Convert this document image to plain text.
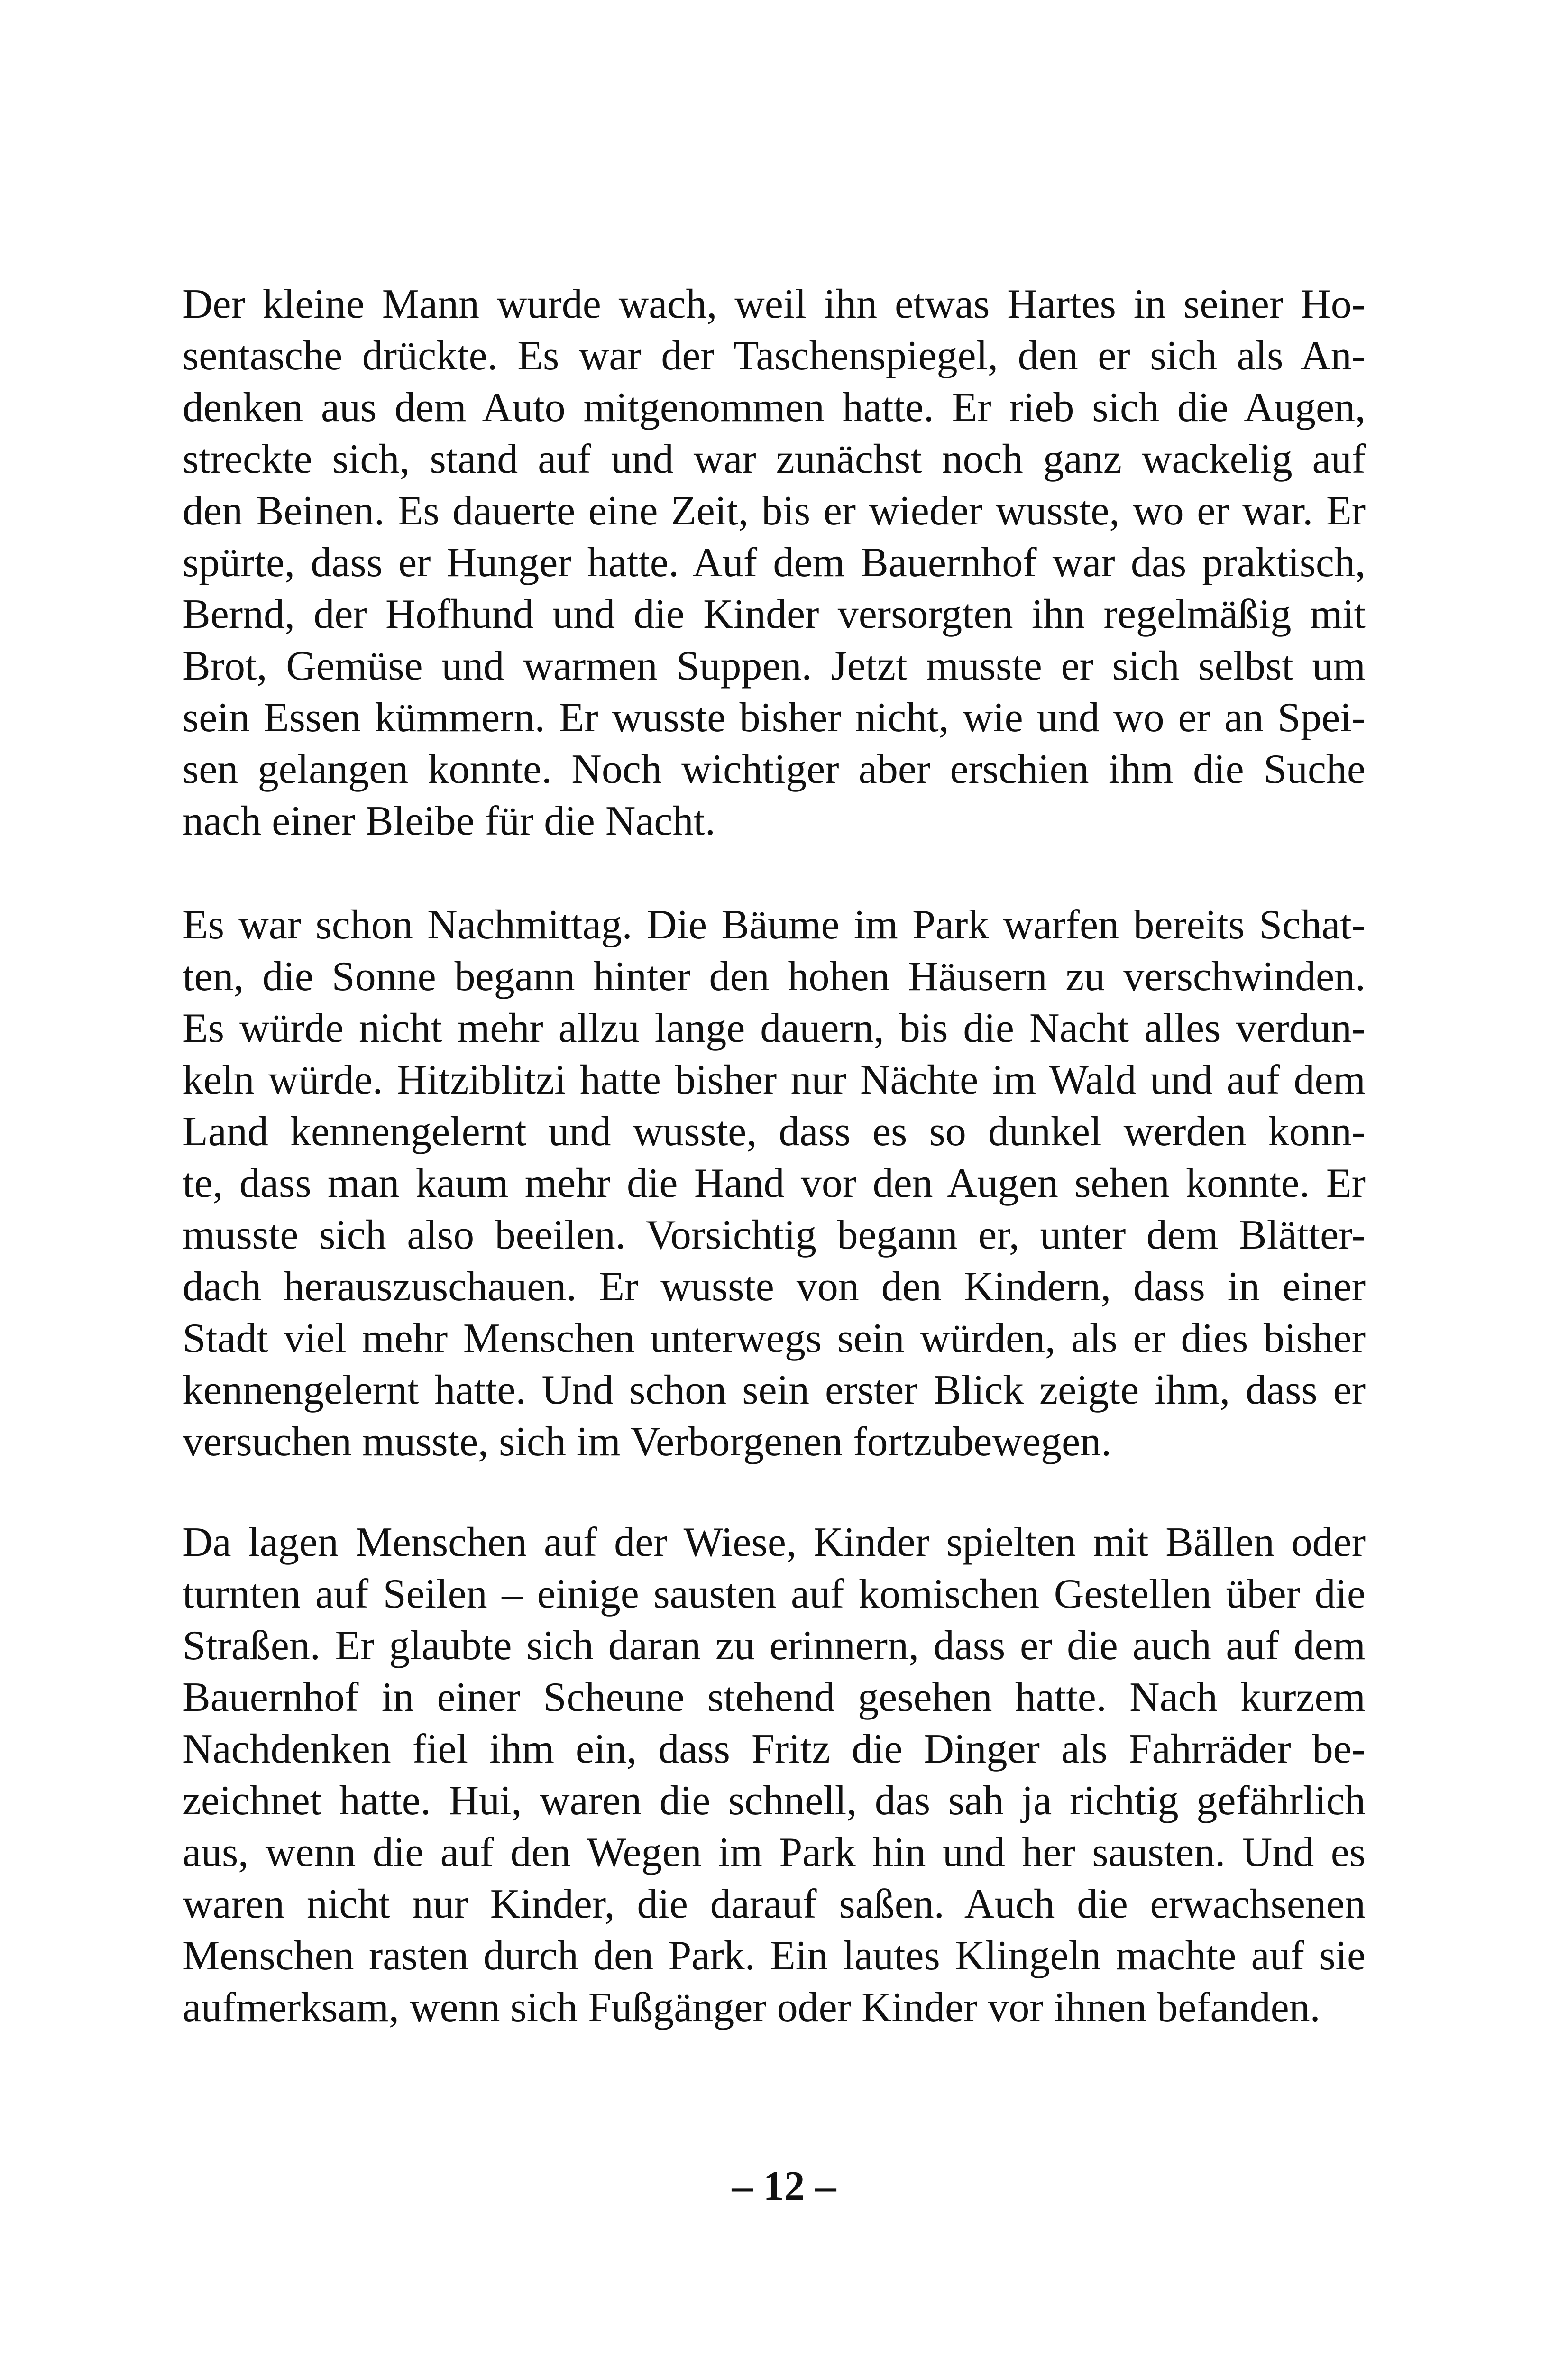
Der kleine Mann wurde wach, weil ihn etwas Hartes in seiner Ho-
sentasche drückte. Es war der Taschenspiegel, den er sich als An-
denken aus dem Auto mitgenommen hatte. Er rieb sich die Augen,
streckte sich, stand auf und war zunächst noch ganz wackelig auf
den Beinen. Es dauerte eine Zeit, bis er wieder wusste, wo er war. Er
spürte, dass er Hunger hatte. Auf dem Bauernhof war das praktisch,
Bernd, der Hofhund und die Kinder versorgten ihn regelmäßig mit
Brot, Gemüse und warmen Suppen. Jetzt musste er sich selbst um
sein Essen kümmern. Er wusste bisher nicht, wie und wo er an Spei-
sen gelangen konnte. Noch wichtiger aber erschien ihm die Suche
nach einer Bleibe für die Nacht.
Es war schon Nachmittag. Die Bäume im Park warfen bereits Schat-
ten, die Sonne begann hinter den hohen Häusern zu verschwinden.
Es würde nicht mehr allzu lange dauern, bis die Nacht alles verdun-
keln würde. Hitziblitzi hatte bisher nur Nächte im Wald und auf dem
Land kennengelernt und wusste, dass es so dunkel werden konn-
te, dass man kaum mehr die Hand vor den Augen sehen konnte. Er
musste sich also beeilen. Vorsichtig begann er, unter dem Blätter-
dach herauszuschauen. Er wusste von den Kindern, dass in einer
Stadt viel mehr Menschen unterwegs sein würden, als er dies bisher
kennengelernt hatte. Und schon sein erster Blick zeigte ihm, dass er
versuchen musste, sich im Verborgenen fortzubewegen.
Da lagen Menschen auf der Wiese, Kinder spielten mit Bällen oder
turnten auf Seilen – einige sausten auf komischen Gestellen über die
Straßen. Er glaubte sich daran zu erinnern, dass er die auch auf dem
Bauernhof in einer Scheune stehend gesehen hatte. Nach kurzem
Nachdenken fiel ihm ein, dass Fritz die Dinger als Fahrräder be-
zeichnet hatte. Hui, waren die schnell, das sah ja richtig gefährlich
aus, wenn die auf den Wegen im Park hin und her sausten. Und es
waren nicht nur Kinder, die darauf saßen. Auch die erwachsenen
Menschen rasten durch den Park. Ein lautes Klingeln machte auf sie
aufmerksam, wenn sich Fußgänger oder Kinder vor ihnen befanden.
– 12 –
